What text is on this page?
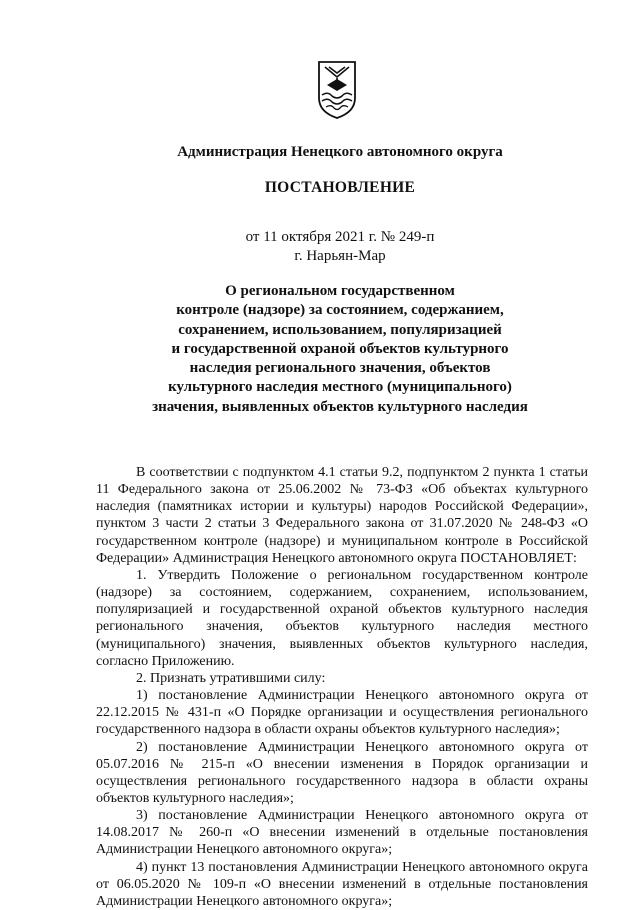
Администрация Ненецкого автономного округа
ПОСТАНОВЛЕНИЕ
от 11 октября 2021 г. № 249-п
г. Нарьян-Мар
О региональном государственном
контроле (надзоре) за состоянием, содержанием,
сохранением, использованием, популяризацией
и государственной охраной объектов культурного
наследия регионального значения, объектов
культурного наследия местного (муниципального)
значения, выявленных объектов культурного наследия

В соответствии с подпунктом 4.1 статьи 9.2, подпунктом 2 пункта 1 статьи 11 Федерального закона от 25.06.2002 № 73-ФЗ «Об объектах культурного наследия (памятниках истории и культуры) народов Российской Федерации», пунктом 3 части 2 статьи 3 Федерального закона от 31.07.2020 № 248-ФЗ «О государственном контроле (надзоре) и муниципальном контроле в Российской Федерации» Администрация Ненецкого автономного округа ПОСТАНОВЛЯЕТ:

1. Утвердить Положение о региональном государственном контроле (надзоре) за состоянием, содержанием, сохранением, использованием, популяризацией и государственной охраной объектов культурного наследия регионального значения, объектов культурного наследия местного (муниципального) значения, выявленных объектов культурного наследия, согласно Приложению.

2. Признать утратившими силу:

1) постановление Администрации Ненецкого автономного округа от 22.12.2015 № 431-п «О Порядке организации и осуществления регионального государственного надзора в области охраны объектов культурного наследия»;

2) постановление Администрации Ненецкого автономного округа от 05.07.2016 № 215-п «О внесении изменения в Порядок организации и осуществления регионального государственного надзора в области охраны объектов культурного наследия»;

3) постановление Администрации Ненецкого автономного округа от 14.08.2017 № 260-п «О внесении изменений в отдельные постановления Администрации Ненецкого автономного округа»;

4) пункт 13 постановления Администрации Ненецкого автономного округа от 06.05.2020 № 109-п «О внесении изменений в отдельные постановления Администрации Ненецкого автономного округа»;
